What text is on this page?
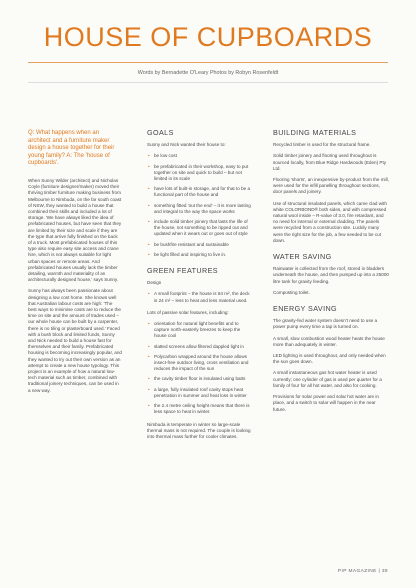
HOUSE OF CUPBOARDS
Words by Bernadette O'Leary Photos by Robyn Rosenfeldt

Q: What happens when an architect and a furniture maker design a house together for their young family? A: The 'house of cupboards'.

When Sunny Wilder (architect) and Nicholas Coyle (furniture designer/maker) moved their thriving timber furniture making business from Melbourne to Nimbuda, on the far south coast of NSW, they wanted to build a house that combined their skills and included a lot of storage. 'We have always liked the idea of prefabricated houses, but have seen that they are limited by their size and scale if they are the type that arrive fully finished on the back of a truck. Most prefabricated houses of this type also require easy site access and crane hire, which is not always suitable for light urban spaces or remote areas. And prefabricated houses usually lack the timber detailing, warmth and materiality of an architecturally designed house,' says Sunny.

Sunny has always been passionate about designing a low cost home. She knows well that Australian labour costs are high: 'The best ways to minimise costs are to reduce the time on site and the amount of trades used – our whole house can be built by a carpenter, there is no tiling or plasterboard used.' Faced with a bush block and limited funds, Sunny and Nick needed to build a house fast for themselves and their family. Prefabricated housing is becoming increasingly popular, and they wanted to try out their own version as an attempt to create a new house typology. This project is an example of how a natural low-tech material such as timber, combined with traditional joinery techniques, can be used in a new way.

GOALS

Sunny and Nick wanted their house to:

• be low cost
• be prefabricated in their workshop, easy to put together on site and quick to build – but not limited in its scale
• have lots of built-in storage, and for that to be a functional part of the house and
• something fitted 'out the end' – it is more lasting and integral to the way the space works
• include solid timber joinery that lasts the life of the house, not something to be ripped out and updated when it wears out or goes out of style
• be bushfire resistant and sustainable
• be light filled and inspiring to live in.
GREEN FEATURES

Design

• A small footprint – the house is 84 m², the deck is 24 m² – less to heat and less material used.

Lots of passive solar features, including:

• orientation for natural light benefits and to capture north-easterly breezes to keep the house cool
• slatted screens allow filtered dappled light in
• Polycarbon wrapped around the house allows insect-free outdoor living, cross ventilation and reduces the impact of the sun
• the cavity timber floor is insulated using batts
• a large, fully insulated roof cavity stops heat penetration in summer and heat loss in winter
• the 2.4 metre ceiling height means that there is less space to heat in winter.

Nimbuda is temperate in winter so large-scale thermal mass is not required. The couple is looking into thermal mass further for cooler climates.

BUILDING MATERIALS

Recycled timber is used for the structural frame.

Solid timber joinery and flooring used throughout is sourced locally, from Blue Ridge Hardwoods (Eden) Pty Ltd.

Flooring 'shorts', an inexpensive by-product from the mill, were used for the infill panelling throughout sections, door panels and joinery.

Use of structural insulated panels, which came clad with white COLORBOND® both sides, and with compressed natural wool inside – R-value of 3.0, fire retardant, and no need for internal or external cladding. The panels were recycled from a construction site. Luckily many were the right size for the job, a few needed to be cut down.

WATER SAVING

Rainwater is collected from the roof, stored in bladders underneath the house, and then pumped up into a 25000 litre tank for gravity feeding.

Composting toilet.

ENERGY SAVING

The gravity-fed water system doesn't need to use a power pump every time a tap is turned on.

A small, slow combustion wood heater heats the house more than adequately in winter.

LED lighting is used throughout, and only needed when the sun goes down.

A small instantaneous gas hot water heater is used currently; one cylinder of gas is used per quarter for a family of four for all hot water, and also for cooking.

Provisions for solar power and solar hot water are in place, and a switch to solar will happen in the near future.

PIP MAGAZINE | 39
